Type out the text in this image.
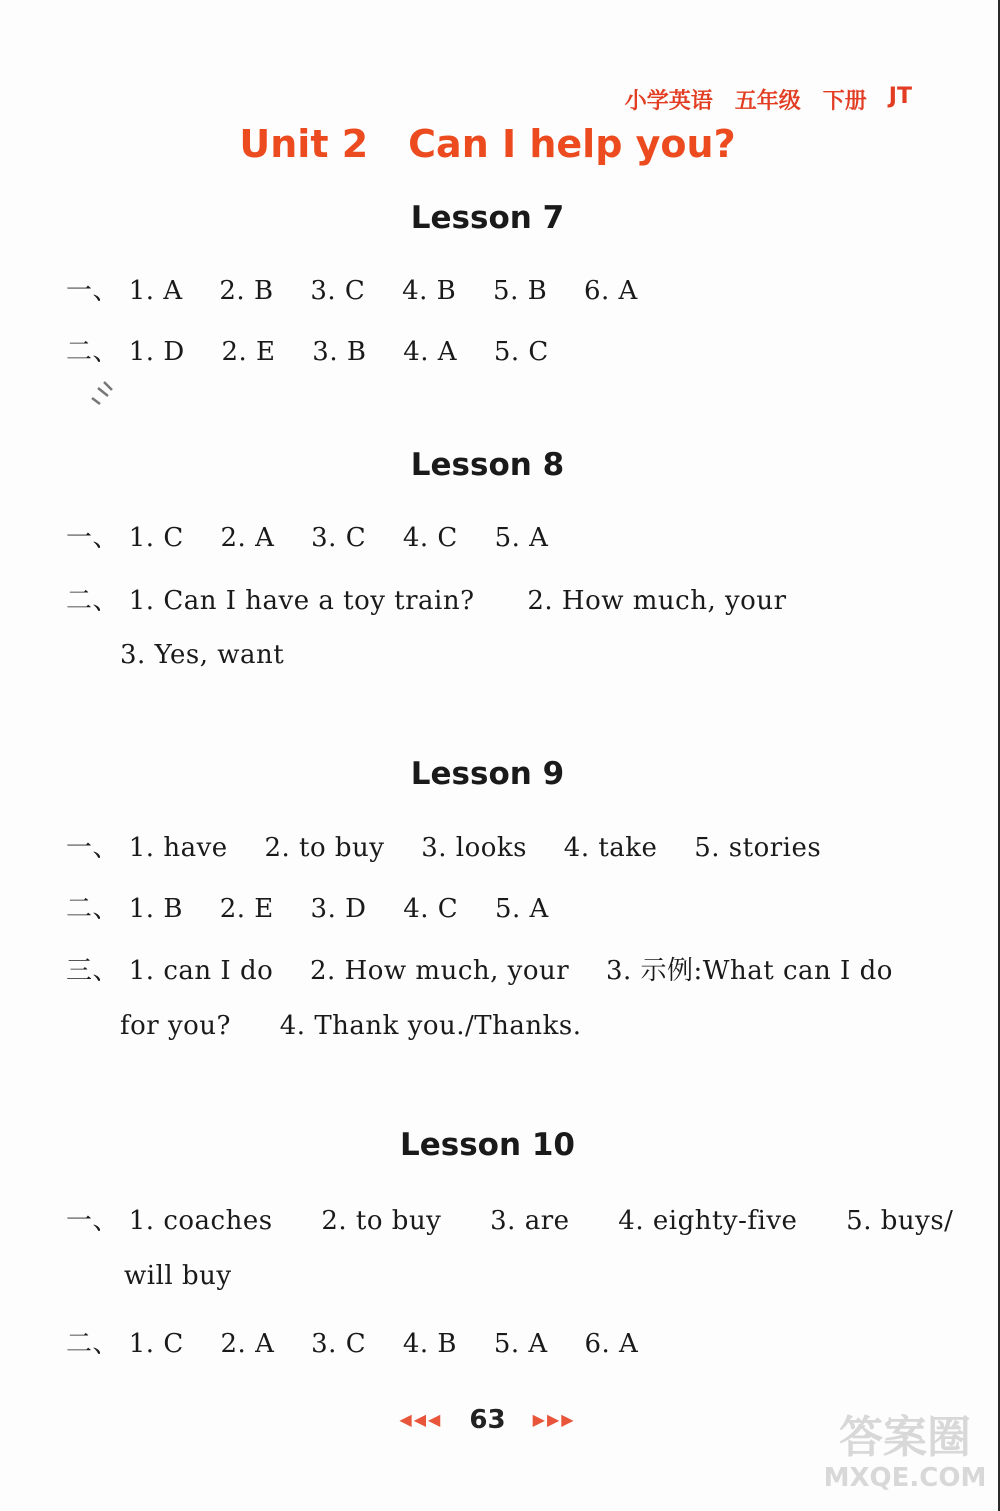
小学英语 五年级 下册 JT
Unit 2 Can I help you?
Lesson 7
一、 1. A 2. B 3. C 4. B 5. B 6. A
二、 1. D 2. E 3. B 4. A 5. C
Lesson 8
一、 1. C 2. A 3. C 4. C 5. A
二、 1. Can I have a toy train? 2. How much, your
3. Yes, want
Lesson 9
一、 1. have 2. to buy 3. looks 4. take 5. stories
二、 1. B 2. E 3. D 4. C 5. A
三、 1. can I do 2. How much, your 3. 示例:What can I do
for you? 4. Thank you./Thanks.
Lesson 10
一、 1. coaches 2. to buy 3. are 4. eighty-five 5. buys/
will buy
二、 1. C 2. A 3. C 4. B 5. A 6. A
◀◀◀ 63 ▶▶▶	答案圈
MXQE.COM
